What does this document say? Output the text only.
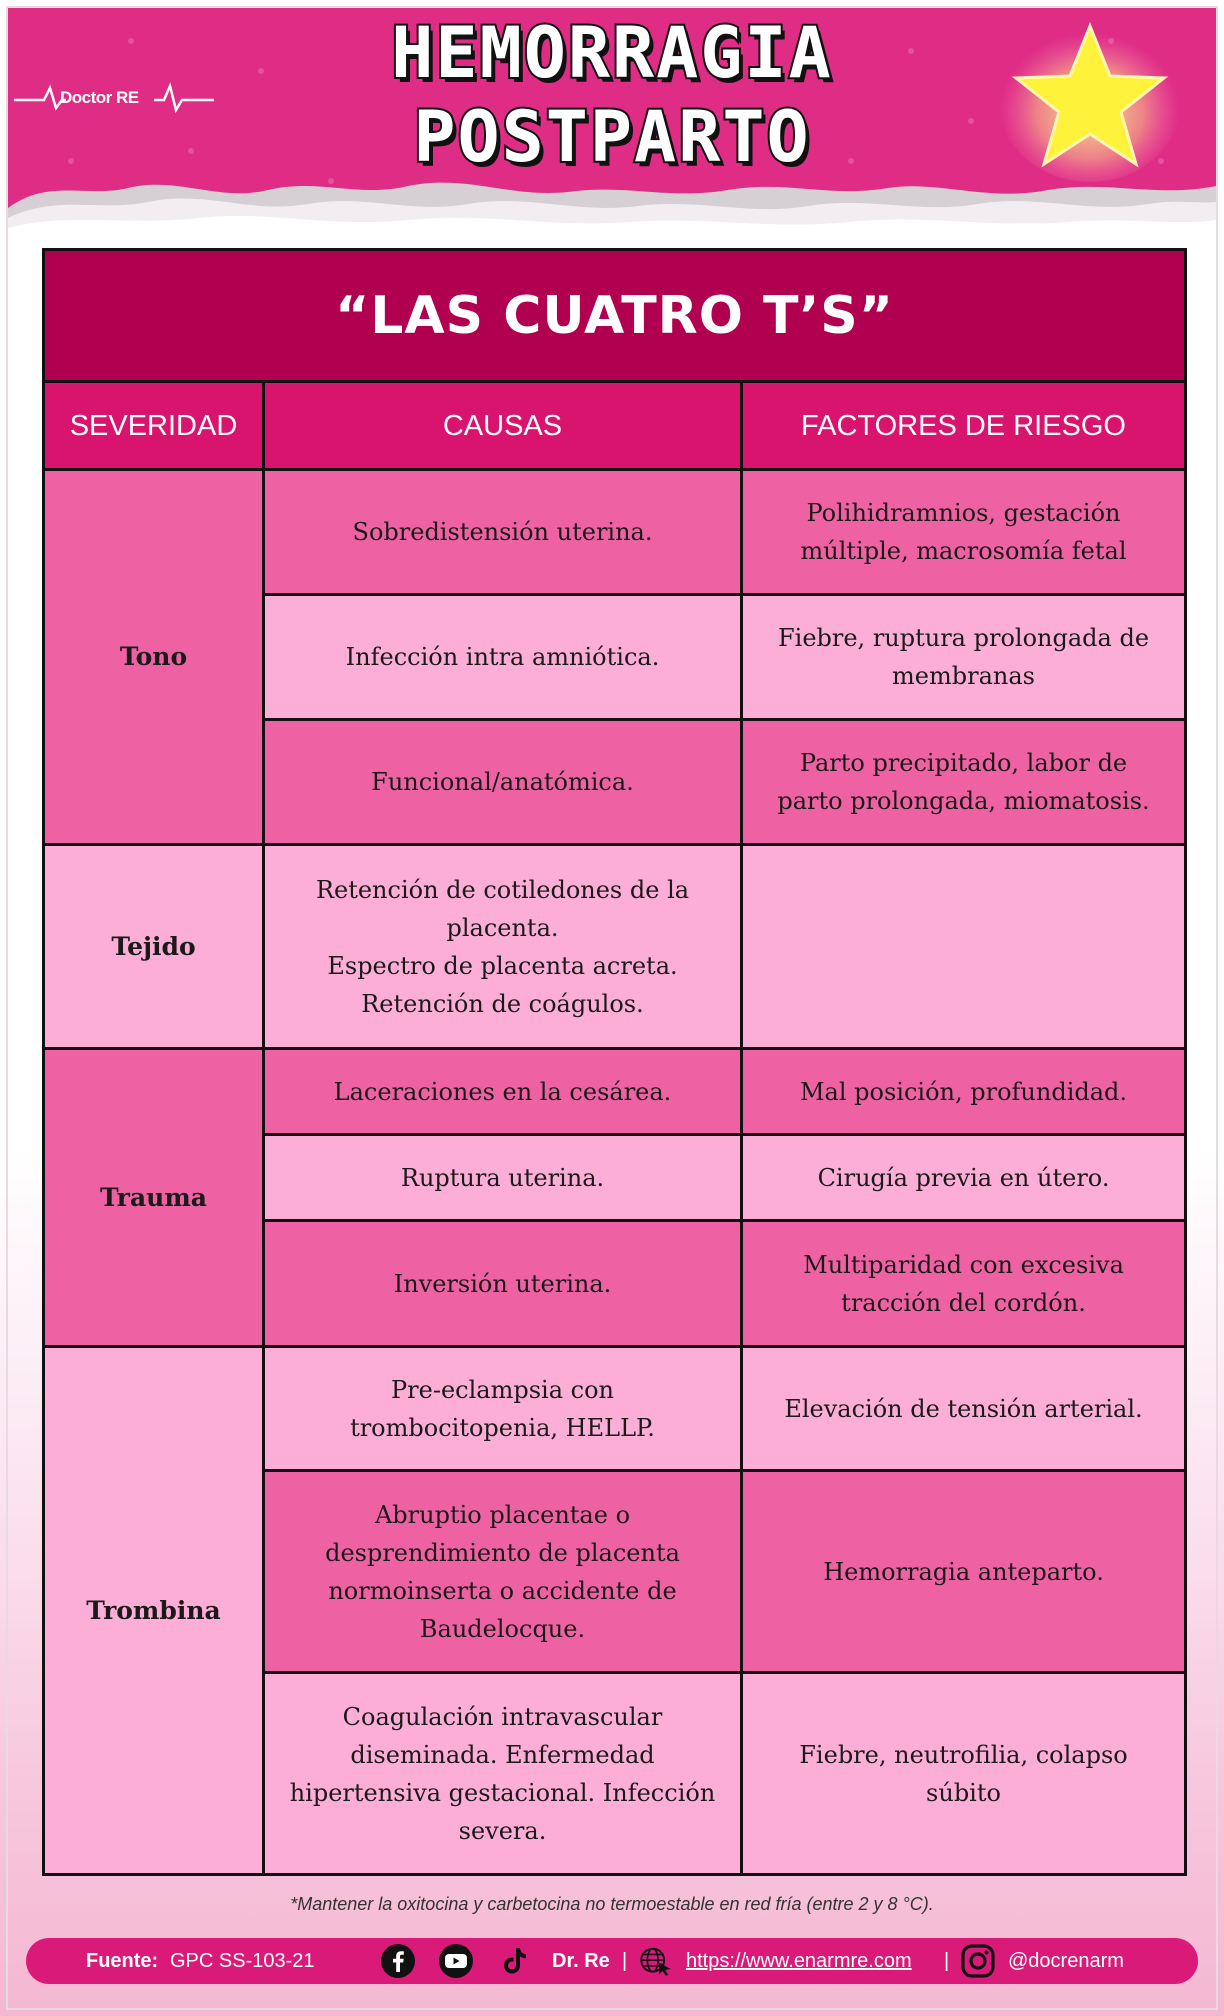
Doctor RE
HEMORRAGIA
POSTPARTO
“LAS CUATRO T’S”		
SEVERIDAD	CAUSAS	FACTORES DE RIESGO
Tono	Sobredistensión uterina.	Polihidramnios, gestación múltiple, macrosomía fetal
	Infección intra amniótica.	Fiebre, ruptura prolongada de membranas
	Funcional/anatómica.	Parto precipitado, labor de parto prolongada, miomatosis.
Tejido	Retención de cotiledones de la placenta.
Espectro de placenta acreta.
Retención de coágulos.	

Trauma	Laceraciones en la cesárea.	Mal posición, profundidad.
	Ruptura uterina.	Cirugía previa en útero.
	Inversión uterina.	Multiparidad con excesiva tracción del cordón.
Trombina	Pre-eclampsia con trombocitopenia, HELLP.	Elevación de tensión arterial.
	Abruptio placentae o desprendimiento de placenta normoinserta o accidente de Baudelocque.	Hemorragia anteparto.
	Coagulación intravascular diseminada. Enfermedad hipertensiva gestacional. Infección severa.	Fiebre, neutrofilia, colapso súbito
*Mantener la oxitocina y carbetocina no termoestable en red fría (entre 2 y 8 °C).
Fuente: GPC SS-103-21	Dr. Re |	https://www.enarmre.com |	@docrenarm
